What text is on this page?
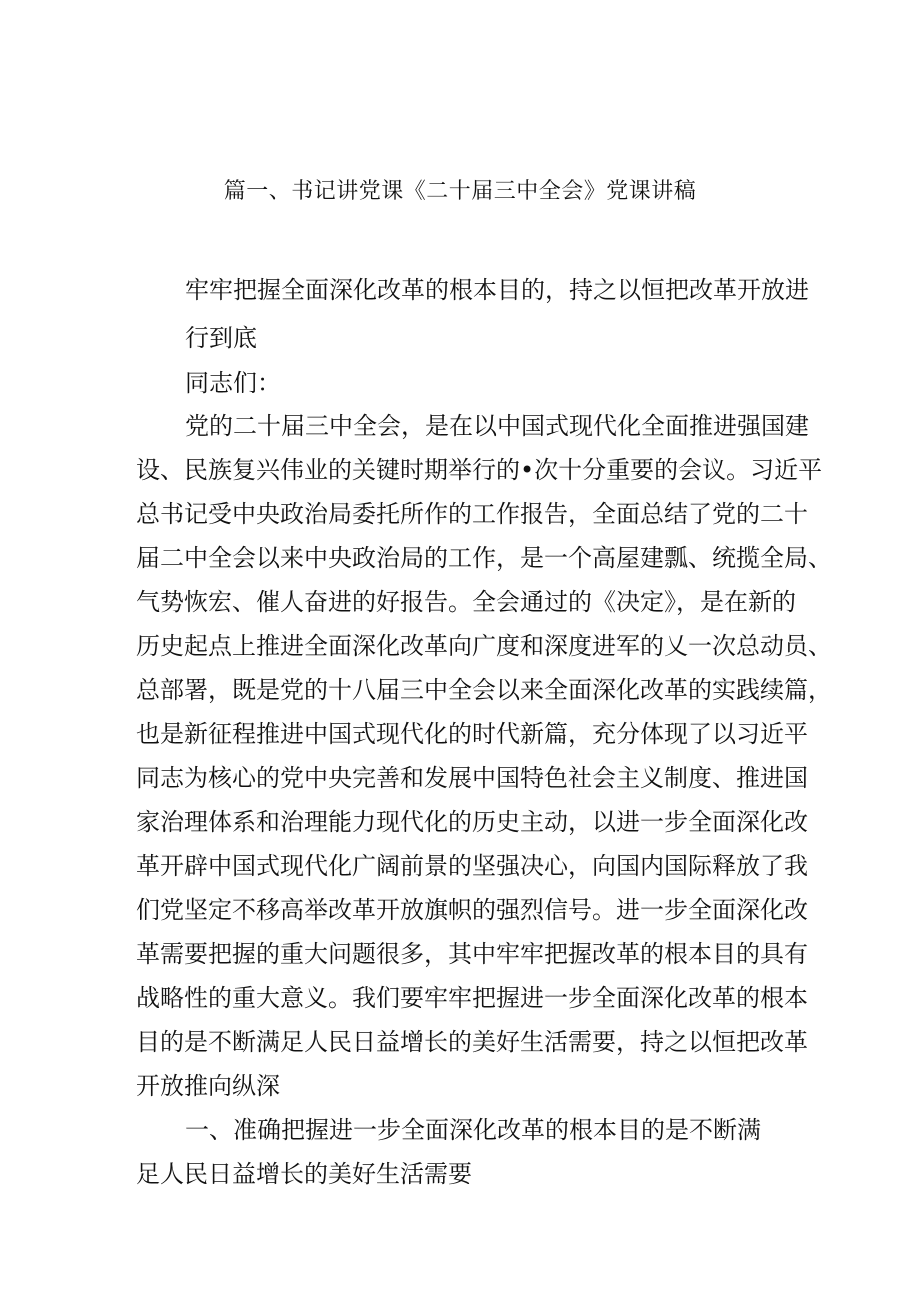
篇一、书记讲党课《二十届三中全会》党课讲稿

牢牢把握全面深化改革的根本目的，持之以恒把改革开放进

行到底

同志们：

党的二十届三中全会，是在以中国式现代化全面推进强国建

设、民族复兴伟业的关键时期举行的•次十分重要的会议。习近平

总书记受中央政治局委托所作的工作报告，全面总结了党的二十

届二中全会以来中央政治局的工作，是一个高屋建瓢、统揽全局、

气势恢宏、催人奋进的好报告。全会通过的《决定》，是在新的

历史起点上推进全面深化改革向广度和深度进军的乂一次总动员、

总部署，既是党的十八届三中全会以来全面深化改革的实践续篇，

也是新征程推进中国式现代化的时代新篇，充分体现了以习近平

同志为核心的党中央完善和发展中国特色社会主义制度、推进国

家治理体系和治理能力现代化的历史主动，以进一步全面深化改

革开辟中国式现代化广阔前景的坚强决心，向国内国际释放了我

们党坚定不移高举改革开放旗帜的强烈信号。进一步全面深化改

革需要把握的重大问题很多，其中牢牢把握改革的根本目的具有

战略性的重大意义。我们要牢牢把握进一步全面深化改革的根本

目的是不断满足人民日益增长的美好生活需要，持之以恒把改革

开放推向纵深

一、准确把握进一步全面深化改革的根本目的是不断满

足人民日益增长的美好生活需要
